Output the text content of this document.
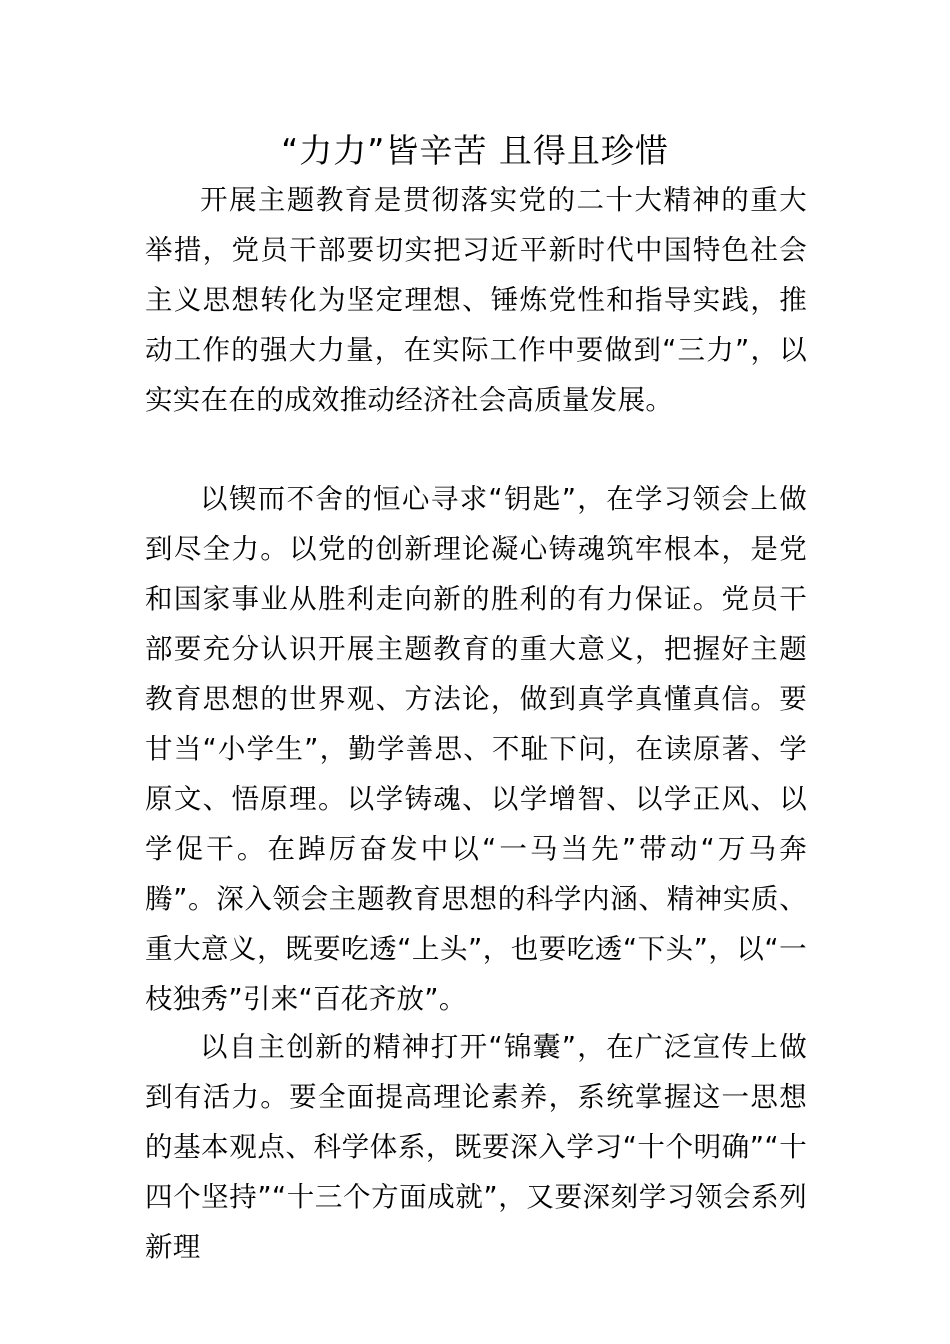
“力力”皆辛苦 且得且珍惜

开展主题教育是贯彻落实党的二十大精神的重大举措，党员干部要切实把习近平新时代中国特色社会主义思想转化为坚定理想、锤炼党性和指导实践，推动工作的强大力量，在实际工作中要做到“三力”，以实实在在的成效推动经济社会高质量发展。

以锲而不舍的恒心寻求“钥匙”，在学习领会上做到尽全力。以党的创新理论凝心铸魂筑牢根本，是党和国家事业从胜利走向新的胜利的有力保证。党员干部要充分认识开展主题教育的重大意义，把握好主题教育思想的世界观、方法论，做到真学真懂真信。要甘当“小学生”，勤学善思、不耻下问，在读原著、学原文、悟原理。以学铸魂、以学增智、以学正风、以学促干。在踔厉奋发中以“一马当先”带动“万马奔腾”。深入领会主题教育思想的科学内涵、精神实质、重大意义，既要吃透“上头”，也要吃透“下头”，以“一枝独秀”引来“百花齐放”。

以自主创新的精神打开“锦囊”，在广泛宣传上做到有活力。要全面提高理论素养，系统掌握这一思想的基本观点、科学体系，既要深入学习“十个明确”“十四个坚持”“十三个方面成就”，又要深刻学习领会系列新理
